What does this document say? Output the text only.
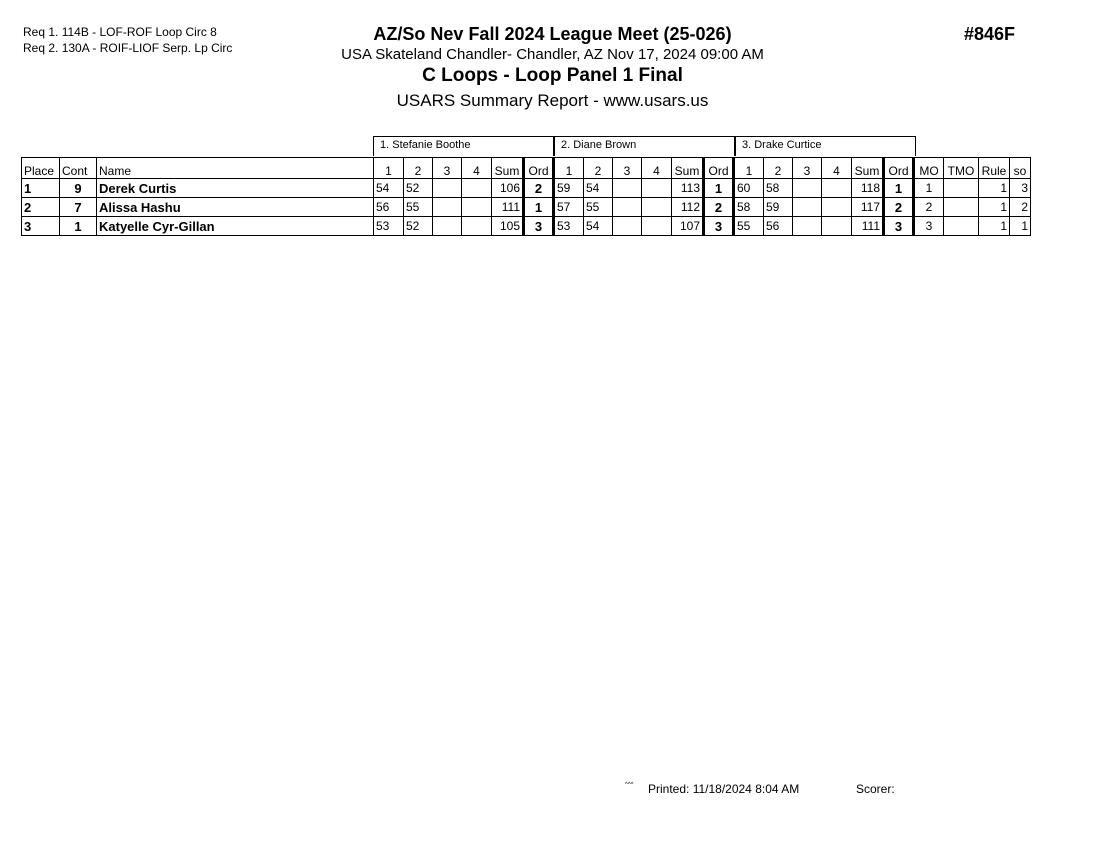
Req 1. 114B - LOF-ROF Loop Circ 8
Req 2. 130A - ROIF-LIOF Serp. Lp Circ
AZ/So Nev Fall 2024 League Meet (25-026)
USA Skateland Chandler- Chandler, AZ Nov 17, 2024 09:00 AM
C Loops - Loop Panel 1 Final
USARS Summary Report - www.usars.us
#846F
1. Stefanie Boothe	2. Diane Brown	3. Drake Curtice
Place	Cont	Name	1	2	3	4	Sum	Ord	1	2	3	4	Sum	Ord	1	2	3	4	Sum	Ord	MO	TMO	Rule	so
1	9	Derek Curtis	54	52			106	2	59	54			113	1	60	58			118	1	1		1	3
2	7	Alissa Hashu	56	55			111	1	57	55			112	2	58	59			117	2	2		1	2
3	1	Katyelle Cyr-Gillan	53	52			105	3	53	54			107	3	55	56			111	3	3		1	1
^^^ Printed: 11/18/2024 8:04 AM	Scorer:
